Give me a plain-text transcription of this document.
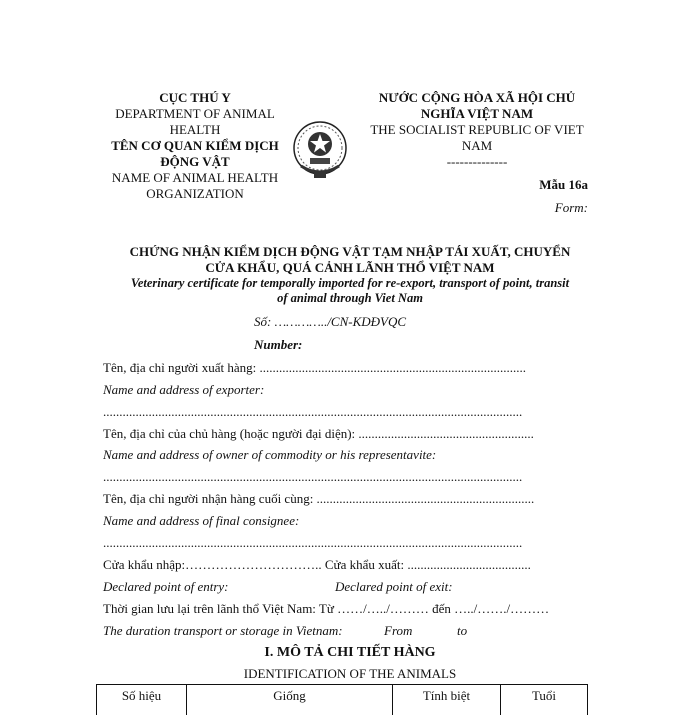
CỤC THÚ Y
DEPARTMENT OF ANIMAL
HEALTH
TÊN CƠ QUAN KIỂM DỊCH
ĐỘNG VẬT
NAME OF ANIMAL HEALTH
ORGANIZATION
NƯỚC CỘNG HÒA XÃ HỘI CHỦ
NGHĨA VIỆT NAM
THE SOCIALIST REPUBLIC OF VIET
NAM
--------------
Mẫu 16a
Form:
CHỨNG NHẬN KIỂM DỊCH ĐỘNG VẬT TẠM NHẬP TÁI XUẤT, CHUYỂN
CỬA KHẨU, QUÁ CẢNH LÃNH THỔ VIỆT NAM
Veterinary certificate for temporally imported for re-export, transport of point, transit
of animal through Viet Nam
Số: …………../CN-KDĐVQC
Number:
Tên, địa chỉ người xuất hàng: ..................................................................................
Name and address of exporter:
.................................................................................................................................
Tên, địa chỉ của chủ hàng (hoặc người đại diện): ......................................................
Name and address of owner of commodity or his representavite:
.................................................................................................................................
Tên, địa chỉ người nhận hàng cuối cùng: ...................................................................
Name and address of final consignee:
.................................................................................................................................
Cửa khẩu nhập:………………………….. Cửa khẩu xuất: ......................................
Declared point of entry:	Declared point of exit:
Thời gian lưu lại trên lãnh thổ Việt Nam: Từ ……/…../……… đến …../……./………
The duration transport or storage in Vietnam:	From	to
I. MÔ TẢ CHI TIẾT HÀNG
IDENTIFICATION OF THE ANIMALS
Số hiệu	Giống	Tính biệt	Tuổi
